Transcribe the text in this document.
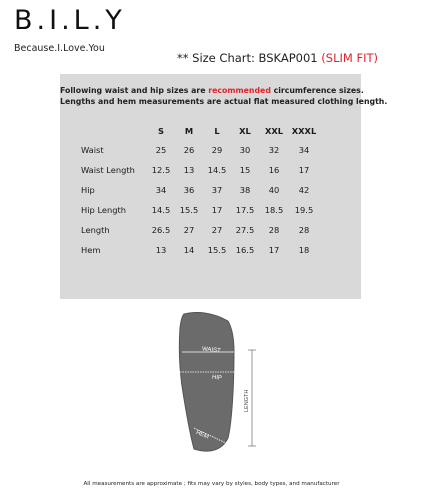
B.I.L.Y
Because.I.Love.You
** Size Chart: BSKAP001 (SLIM FIT)
Following waist and hip sizes are recommended circumference sizes.
Lengths and hem measurements are actual flat measured clothing length.
	S	M	L	XL	XXL	XXXL
Waist	25	26	29	30	32	34
Waist Length	12.5	13	14.5	15	16	17
Hip	34	36	37	38	40	42
Hip Length	14.5	15.5	17	17.5	18.5	19.5
Length	26.5	27	27	27.5	28	28
Hem	13	14	15.5	16.5	17	18
WAIST
HIP
HEM
LENGTH
All measurements are approximate ; fits may vary by styles, body types, and manufacturer
